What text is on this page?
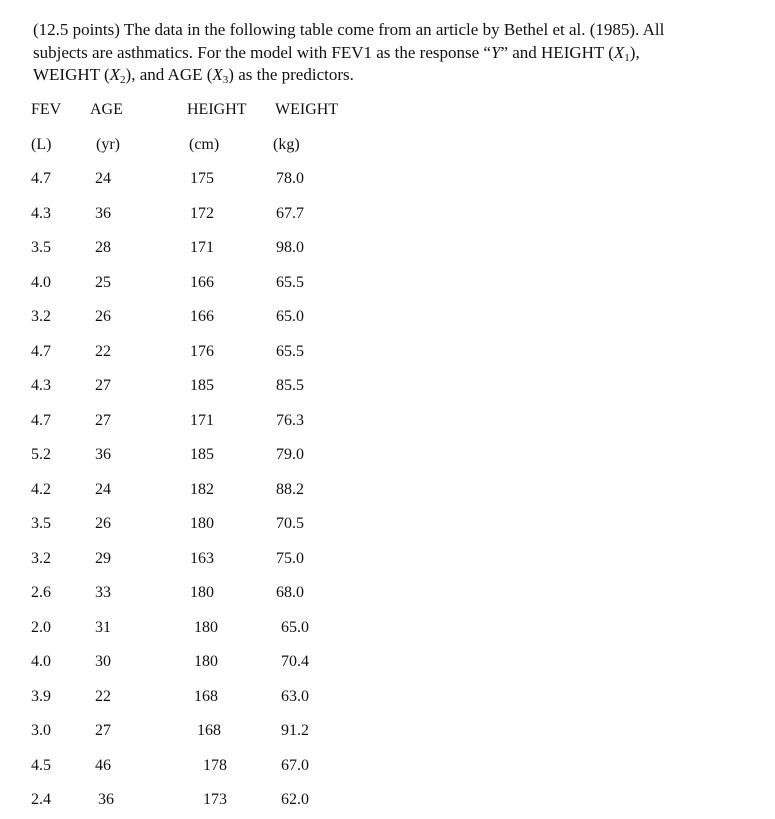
(12.5 points) The data in the following table come from an article by Bethel et al. (1985). All
subjects are asthmatics. For the model with FEV1 as the response “Y” and HEIGHT $(X_1)$,
WEIGHT $(X_2)$, and AGE $(X_3)$ as the predictors.
FEV AGE	HEIGHT WEIGHT
(L)	(yr)	(cm)	(kg)
4.7	24	175	78.0
4.3	36	172	67.7
3.5	28	171	98.0
4.0	25	166	65.5
3.2	26	166	65.0
4.7	22	176	65.5
4.3	27	185	85.5
4.7	27	171	76.3
5.2	36	185	79.0
4.2	24	182	88.2
3.5	26	180	70.5
3.2	29	163	75.0
2.6	33	180	68.0
2.0	31	180	65.0
4.0	30	180	70.4
3.9	22	168	63.0
3.0	27	168	91.2
4.5	46	178	67.0
2.4	36	173	62.0
